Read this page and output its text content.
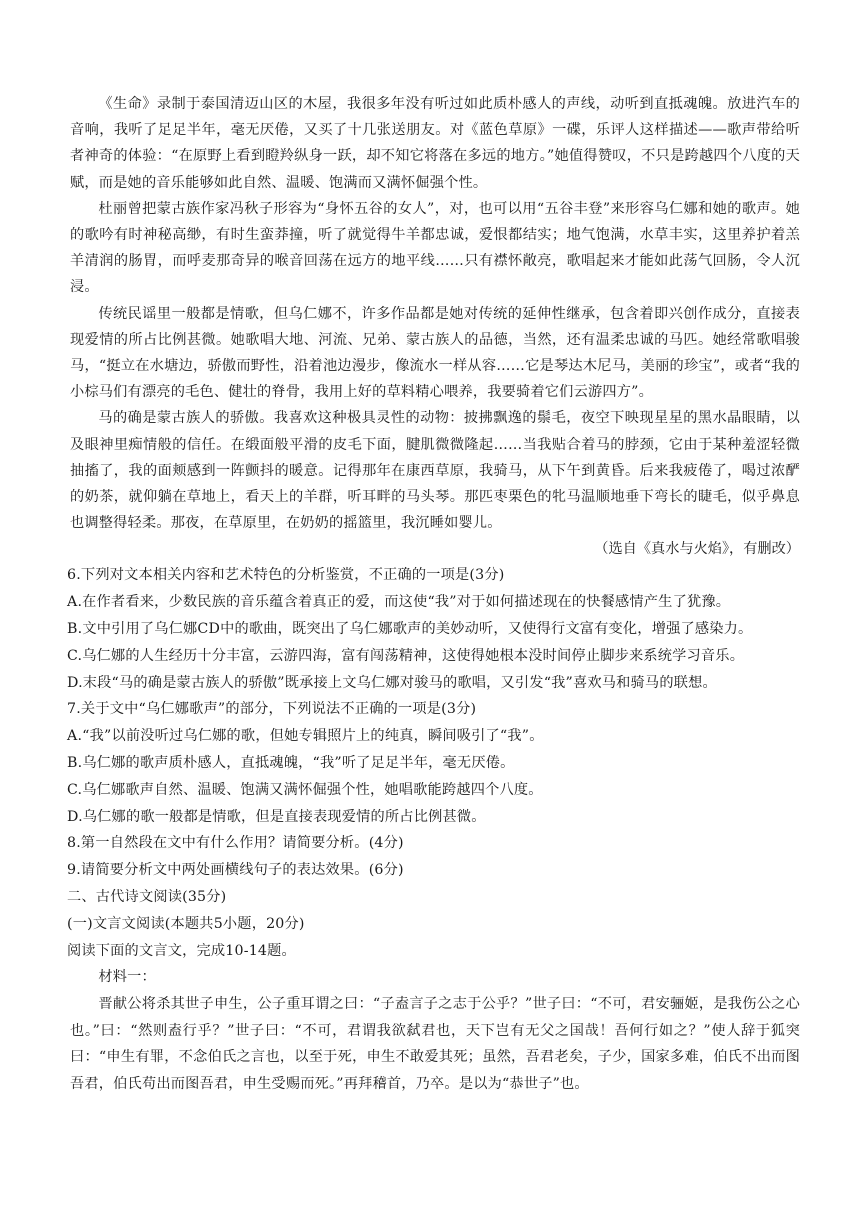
《生命》录制于泰国清迈山区的木屋，我很多年没有听过如此质朴感人的声线，动听到直抵魂魄。放进汽车的音响，我听了足足半年，毫无厌倦，又买了十几张送朋友。对《蓝色草原》一碟，乐评人这样描述——歌声带给听者神奇的体验：“在原野上看到瞪羚纵身一跃，却不知它将落在多远的地方。”她值得赞叹，不只是跨越四个八度的天赋，而是她的音乐能够如此自然、温暖、饱满而又满怀倔强个性。

杜丽曾把蒙古族作家冯秋子形容为“身怀五谷的女人”，对，也可以用“五谷丰登”来形容乌仁娜和她的歌声。她的歌吟有时神秘高缈，有时生蛮莽撞，听了就觉得牛羊都忠诚，爱恨都结实；地气饱满，水草丰实，这里养护着羔羊清润的肠胃，而呼麦那奇异的喉音回荡在远方的地平线……只有襟怀敞亮，歌唱起来才能如此荡气回肠，令人沉浸。

传统民谣里一般都是情歌，但乌仁娜不，许多作品都是她对传统的延伸性继承，包含着即兴创作成分，直接表现爱情的所占比例甚微。她歌唱大地、河流、兄弟、蒙古族人的品德，当然，还有温柔忠诚的马匹。她经常歌唱骏马，“挺立在水塘边，骄傲而野性，沿着池边漫步，像流水一样从容……它是琴达木尼马，美丽的珍宝”，或者“我的小棕马们有漂亮的毛色、健壮的脊骨，我用上好的草料精心喂养，我要骑着它们云游四方”。

马的确是蒙古族人的骄傲。我喜欢这种极具灵性的动物：披拂飘逸的鬃毛，夜空下映现星星的黑水晶眼睛，以及眼神里痴情般的信任。在缎面般平滑的皮毛下面，腱肌微微隆起……当我贴合着马的脖颈，它由于某种羞涩轻微抽搐了，我的面颊感到一阵颤抖的暖意。记得那年在康西草原，我骑马，从下午到黄昏。后来我疲倦了，喝过浓酽的奶茶，就仰躺在草地上，看天上的羊群，听耳畔的马头琴。那匹枣栗色的牝马温顺地垂下弯长的睫毛，似乎鼻息也调整得轻柔。那夜，在草原里，在奶奶的摇篮里，我沉睡如婴儿。

（选自《真水与火焰》，有删改）

6.下列对文本相关内容和艺术特色的分析鉴赏，不正确的一项是(3分)

A.在作者看来，少数民族的音乐蕴含着真正的爱，而这使“我”对于如何描述现在的快餐感情产生了犹豫。

B.文中引用了乌仁娜CD中的歌曲，既突出了乌仁娜歌声的美妙动听，又使得行文富有变化，增强了感染力。

C.乌仁娜的人生经历十分丰富，云游四海，富有闯荡精神，这使得她根本没时间停止脚步来系统学习音乐。

D.末段“马的确是蒙古族人的骄傲”既承接上文乌仁娜对骏马的歌唱，又引发“我”喜欢马和骑马的联想。

7.关于文中“乌仁娜歌声”的部分，下列说法不正确的一项是(3分)

A.“我”以前没听过乌仁娜的歌，但她专辑照片上的纯真，瞬间吸引了“我”。

B.乌仁娜的歌声质朴感人，直抵魂魄，“我”听了足足半年，毫无厌倦。

C.乌仁娜歌声自然、温暖、饱满又满怀倔强个性，她唱歌能跨越四个八度。

D.乌仁娜的歌一般都是情歌，但是直接表现爱情的所占比例甚微。

8.第一自然段在文中有什么作用？请简要分析。(4分)

9.请简要分析文中两处画横线句子的表达效果。(6分)

二、古代诗文阅读(35分)

(一)文言文阅读(本题共5小题，20分)

阅读下面的文言文，完成10-14题。

材料一：

晋献公将杀其世子申生，公子重耳谓之曰：“子盍言子之志于公乎？”世子曰：“不可，君安骊姬，是我伤公之心也。”曰：“然则盍行乎？”世子曰：“不可，君谓我欲弑君也，天下岂有无父之国哉！吾何行如之？”使人辞于狐突曰：“申生有罪，不念伯氏之言也，以至于死，申生不敢爱其死；虽然，吾君老矣，子少，国家多难，伯氏不出而图吾君，伯氏苟出而图吾君，申生受赐而死。”再拜稽首，乃卒。是以为“恭世子”也。
